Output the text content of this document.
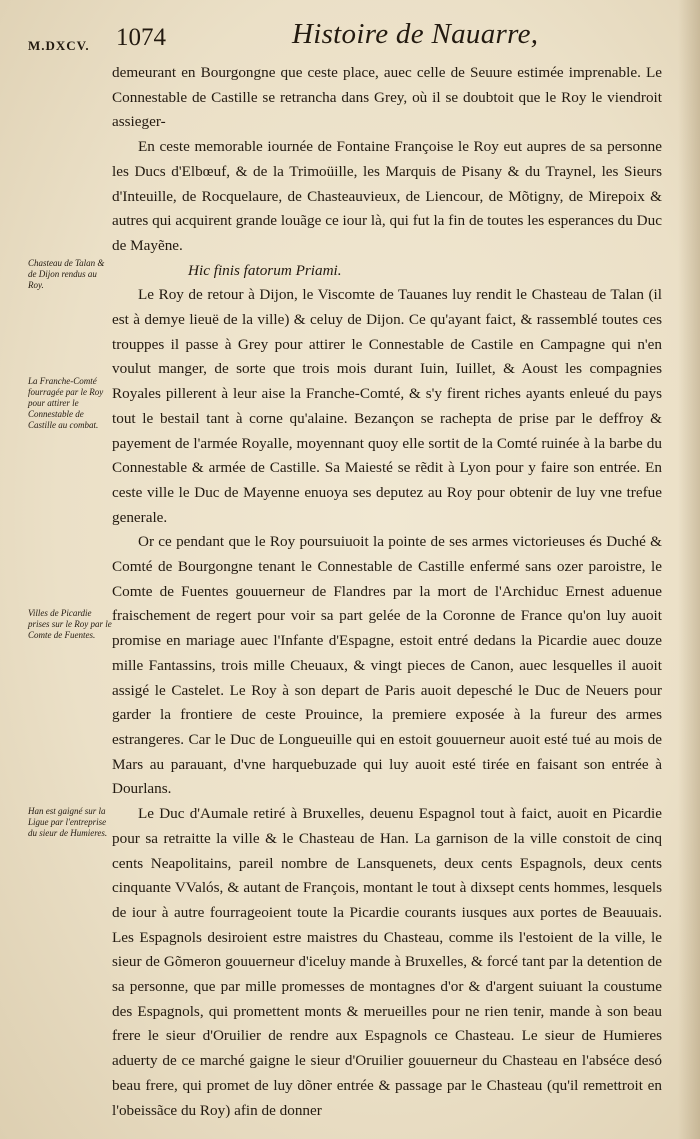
M.DXCV. 1074	Histoire de Nauarre,

demeurant en Bourgongne que ceste place, auec celle de Seuure estimée imprenable. Le Connestable de Castille se retrancha dans Grey, où il se doubtoit que le Roy le viendroit assieger-

En ceste memorable iournée de Fontaine Françoise le Roy eut aupres de sa personne les Ducs d'Elbœuf, & de la Trimoüille, les Marquis de Pisany & du Traynel, les Sieurs d'Inteuille, de Rocquelaure, de Chasteauvieux, de Liencour, de Mõtigny, de Mirepoix & autres qui acquirent grande louãge ce iour là, qui fut la fin de toutes les esperances du Duc de Mayẽne.

Hic finis fatorum Priami.

Le Roy de retour à Dijon, le Viscomte de Tauanes luy rendit le Chasteau de Talan (il est à demye lieuë de la ville) & celuy de Dijon. Ce qu'ayant faict, & rassemblé toutes ces trouppes il passe à Grey pour attirer le Connestable de Castile en Campagne qui n'en voulut manger, de sorte que trois mois durant Iuin, Iuillet, & Aoust les compagnies Royales pillerent à leur aise la Franche-Comté, & s'y firent riches ayants enleué du pays tout le bestail tant à corne qu'alaine. Bezançon se rachepta de prise par le deffroy & payement de l'armée Royalle, moyennant quoy elle sortit de la Comté ruinée à la barbe du Connestable & armée de Castille. Sa Maiesté se rẽdit à Lyon pour y faire son entrée. En ceste ville le Duc de Mayenne enuoya ses deputez au Roy pour obtenir de luy vne trefue generale.

Or ce pendant que le Roy poursuiuoit la pointe de ses armes victorieuses és Duché & Comté de Bourgongne tenant le Connestable de Castille enfermé sans ozer paroistre, le Comte de Fuentes gouuerneur de Flandres par la mort de l'Archiduc Ernest aduenue fraischement de regert pour voir sa part gelée de la Coronne de France qu'on luy auoit promise en mariage auec l'Infante d'Espagne, estoit entré dedans la Picardie auec douze mille Fantassins, trois mille Cheuaux, & vingt pieces de Canon, auec lesquelles il auoit assigé le Castelet. Le Roy à son depart de Paris auoit depesché le Duc de Neuers pour garder la frontiere de ceste Prouince, la premiere exposée à la fureur des armes estrangeres. Car le Duc de Longueuille qui en estoit gouuerneur auoit esté tué au mois de Mars au parauant, d'vne harquebuzade qui luy auoit esté tirée en faisant son entrée à Dourlans.

Le Duc d'Aumale retiré à Bruxelles, deuenu Espagnol tout à faict, auoit en Picardie pour sa retraitte la ville & le Chasteau de Han. La garnison de la ville constoit de cinq cents Neapolitains, pareil nombre de Lansquenets, deux cents Espagnols, deux cents cinquante VValós, & autant de François, montant le tout à dixsept cents hommes, lesquels de iour à autre fourrageoient toute la Picardie courants iusques aux portes de Beauuais. Les Espagnols desiroient estre maistres du Chasteau, comme ils l'estoient de la ville, le sieur de Gõmeron gouuerneur d'iceluy mande à Bruxelles, & forcé tant par la detention de sa personne, que par mille promesses de montagnes d'or & d'argent suiuant la coustume des Espagnols, qui promettent monts & merueilles pour ne rien tenir, mande à son beau frere le sieur d'Oruilier de rendre aux Espagnols ce Chasteau. Le sieur de Humieres aduerty de ce marché gaigne le sieur d'Oruilier gouuerneur du Chasteau en l'abséce desó beau frere, qui promet de luy dõner entrée & passage par le Chasteau (qu'il remettroit en l'obeissãce du Roy) afin de donner

Chasteau de Talan & de Dijon rendus au Roy.
La Franche-Comté fourragée par le Roy pour attirer le Connestable de Castille au combat.
Villes de Picardie prises sur le Roy par le Comte de Fuentes.
Han est gaigné sur la Ligue par l'entreprise du sieur de Humieres.
